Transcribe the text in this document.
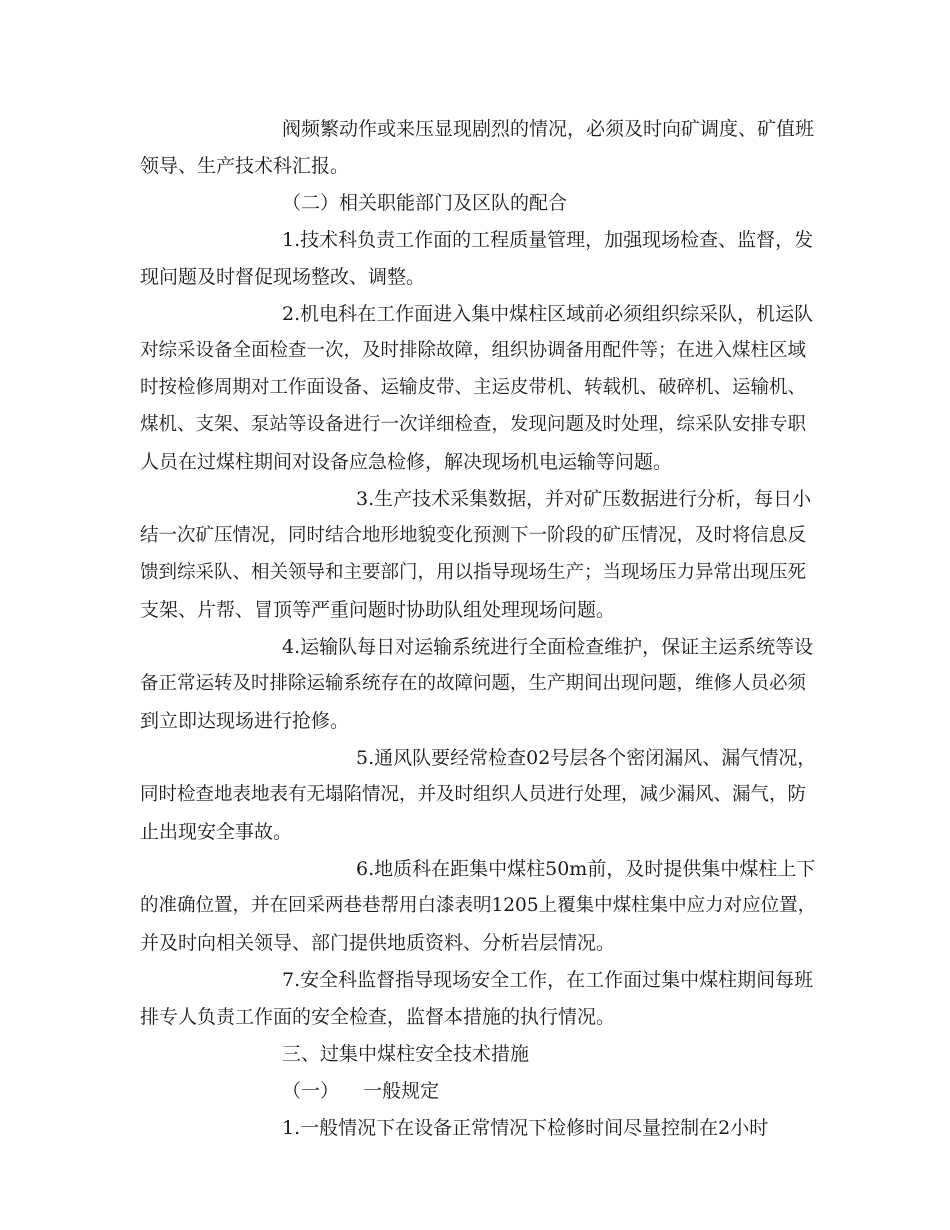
阀频繁动作或来压显现剧烈的情况，必须及时向矿调度、矿值班
领导、生产技术科汇报。
（二）相关职能部门及区队的配合
1.技术科负责工作面的工程质量管理，加强现场检查、监督，发
现问题及时督促现场整改、调整。
2.机电科在工作面进入集中煤柱区域前必须组织综采队，机运队
对综采设备全面检查一次，及时排除故障，组织协调备用配件等；在进入煤柱区域
时按检修周期对工作面设备、运输皮带、主运皮带机、转载机、破碎机、运输机、
煤机、支架、泵站等设备进行一次详细检查，发现问题及时处理，综采队安排专职
人员在过煤柱期间对设备应急检修，解决现场机电运输等问题。
3.生产技术采集数据，并对矿压数据进行分析，每日小
结一次矿压情况，同时结合地形地貌变化预测下一阶段的矿压情况，及时将信息反
馈到综采队、相关领导和主要部门，用以指导现场生产；当现场压力异常出现压死
支架、片帮、冒顶等严重问题时协助队组处理现场问题。
4.运输队每日对运输系统进行全面检查维护，保证主运系统等设
备正常运转及时排除运输系统存在的故障问题，生产期间出现问题，维修人员必须
到立即达现场进行抢修。
5.通风队要经常检查02号层各个密闭漏风、漏气情况，
同时检查地表地表有无塌陷情况，并及时组织人员进行处理，减少漏风、漏气，防
止出现安全事故。
6.地质科在距集中煤柱50m前，及时提供集中煤柱上下
的准确位置，并在回采两巷巷帮用白漆表明1205上覆集中煤柱集中应力对应位置，
并及时向相关领导、部门提供地质资料、分析岩层情况。
7.安全科监督指导现场安全工作，在工作面过集中煤柱期间每班
排专人负责工作面的安全检查，监督本措施的执行情况。
三、过集中煤柱安全技术措施
（一）    一般规定
1.一般情况下在设备正常情况下检修时间尽量控制在2小时
